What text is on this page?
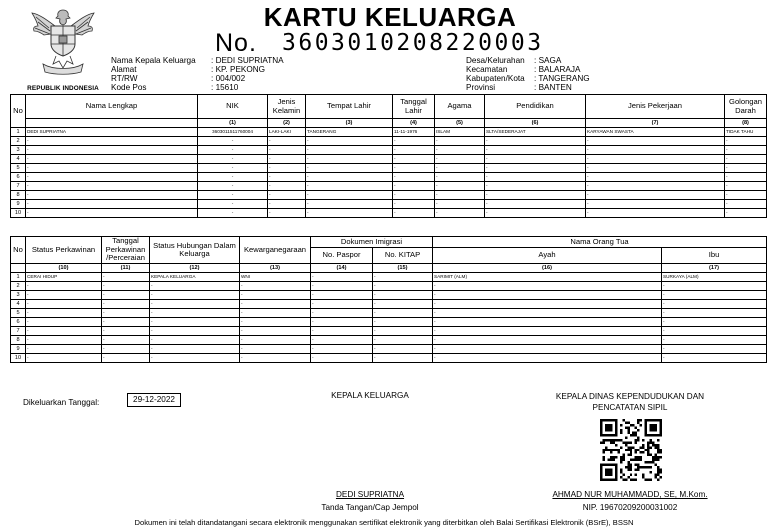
REPUBLIK INDONESIA
KARTU KELUARGA
No. 3603010208220003
Nama Kepala Keluarga	: DEDI SUPRIATNA
Alamat	: KP. PEKONG
RT/RW	: 004/002
Kode Pos	: 15610
Desa/Kelurahan	: SAGA
Kecamatan	: BALARAJA
Kabupaten/Kota	: TANGERANG
Provinsi	: BANTEN
No	Nama Lengkap	NIK	Jenis Kelamin	Tempat Lahir	Tanggal Lahir	Agama	Pendidikan	Jenis Pekerjaan	Golongan Darah	
		(1)	(2)	(3)	(4)	(5)	(6)	(7)	(8)	
1	DEDI SUPRIATNA	3603011511760004	LAKI-LAKI	TANGERANG	11-11-1976	ISLAM	SLTA/SEDERAJAT	KARYAWAN SWASTA	TIDAK TAHU	
2	-	-	-	-	-	-	-	-	-	
3	-	-	-	-	-	-	-	-	-	
4	-	-	-	-	-	-	-	-	-	
5	-	-	-	-	-	-	-	-	-	
6	-	-	-	-	-	-	-	-	-	
7	-	-	-	-	-	-	-	-	-	
8	-	-	-	-	-	-	-	-	-	
9	-	-	-	-	-	-	-	-	-	
10	-	-	-	-	-	-	-	-	-	
No	Status Perkawinan	Tanggal Perkawinan /Perceraian	Status Hubungan Dalam Keluarga	Kewarganegaraan	Dokumen Imigrasi		Nama Orang Tua	
					No. Paspor	No. KITAP	Ayah	Ibu
	(10)	(11)	(12)	(13)	(14)	(15)	(16)	(17)
1	CERAI HIDUP	-	KEPALA KELUARGA	WNI	-	-	SARIMIT (ALM)	SURKAYA (ALM)
2	-	-	-	-	-	-	-	-
3	-	-	-	-	-	-	-	-
4	-	-	-	-	-	-	-	-
5	-	-	-	-	-	-	-	-
6	-	-	-	-	-	-	-	-
7	-	-	-	-	-	-	-	-
8	-	-	-	-	-	-	-	-
9	-	-	-	-	-	-	-	-
10	-	-	-	-	-	-	-	-
Dikeluarkan Tanggal:	29-12-2022	KEPALA KELUARGA	KEPALA DINAS KEPENDUDUKAN DAN PENCATATAN SIPIL
DEDI SUPRIATNA
Tanda Tangan/Cap Jempol
AHMAD NUR MUHAMMADD, SE, M.Kom.
NIP. 19670209200031002
Dokumen ini telah ditandatangani secara elektronik menggunakan sertifikat elektronik yang diterbitkan oleh Balai Sertifikasi Elektronik (BSrE), BSSN
